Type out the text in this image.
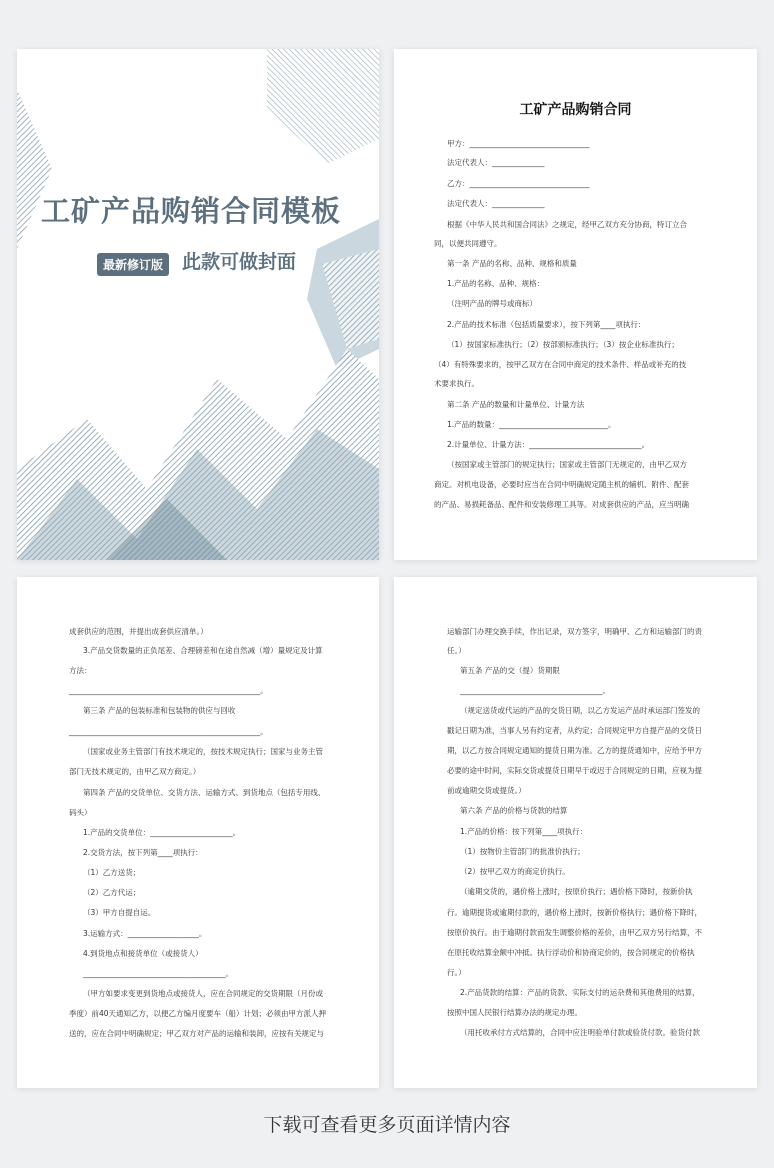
工矿产品购销合同模板
最新修订版 此款可做封面
工矿产品购销合同
甲方：________________________________
法定代表人：______________
乙方：________________________________
法定代表人：______________
根据《中华人民共和国合同法》之规定，经甲乙双方充分协商，特订立合
同，以便共同遵守。
第一条 产品的名称、品种、规格和质量
1.产品的名称、品种、规格：
（注明产品的牌号或商标）
2.产品的技术标准（包括质量要求），按下列第____项执行：
（1）按国家标准执行；（2）按部颁标准执行；（3）按企业标准执行；
（4）有特殊要求的，按甲乙双方在合同中商定的技术条件、样品或补充的技
术要求执行。
第二条 产品的数量和计量单位、计量方法
1.产品的数量：_____________________________。
2.计量单位、计量方法：______________________________。
（按国家或主管部门的规定执行；国家或主管部门无规定的，由甲乙双方
商定。对机电设备，必要时应当在合同中明确规定随主机的辅机、附件、配套
的产品、易损耗备品、配件和安装修理工具等。对成套供应的产品，应当明确
成套供应的范围，并提出成套供应清单。）
3.产品交货数量的正负尾差、合理磅差和在途自然减（增）量规定及计算
方法：
___________________________________________________。
第三条 产品的包装标准和包装物的供应与回收
___________________________________________________。
（国家或业务主管部门有技术规定的，按技术规定执行；国家与业务主管
部门无技术规定的，由甲乙双方商定。）
第四条 产品的交货单位、交货方法、运输方式、到货地点（包括专用线、
码头）
1.产品的交货单位：______________________。
2.交货方法，按下列第____项执行：
（1）乙方送货；
（2）乙方代运；
（3）甲方自提自运。
3.运输方式：___________________。
4.到货地点和接货单位（或接货人）
______________________________________。
（甲方如要求变更到货地点或接货人，应在合同规定的交货期限（月份或
季度）前40天通知乙方，以便乙方编月度要车（船）计划；必须由甲方派人押
送的，应在合同中明确规定；甲乙双方对产品的运输和装卸，应按有关规定与
运输部门办理交换手续，作出记录，双方签字，明确甲、乙方和运输部门的责
任。）
第五条 产品的交（提）货期限
______________________________________。
（规定送货或代运的产品的交货日期，以乙方发运产品时承运部门签发的
戳记日期为准，当事人另有约定者，从约定；合同规定甲方自提产品的交货日
期，以乙方按合同规定通知的提货日期为准。乙方的提货通知中，应给予甲方
必要的途中时间，实际交货或提货日期早于或迟于合同规定的日期，应视为提
前或逾期交货或提货。）
第六条 产品的价格与货款的结算
1.产品的价格：按下列第____项执行：
（1）按物价主管部门的批准价执行；
（2）按甲乙双方的商定价执行。
（逾期交货的，遇价格上涨时，按原价执行；遇价格下降时，按新价执
行。逾期提货或逾期付款的，遇价格上涨时，按新价格执行；遇价格下降时，
按原价执行。由于逾期付款而发生调整价格的差价，由甲乙双方另行结算，不
在原托收结算金额中冲抵。执行浮动价和协商定价的，按合同规定的价格执
行。）
2.产品货款的结算：产品的货款、实际支付的运杂费和其他费用的结算，
按照中国人民银行结算办法的规定办理。
（用托收承付方式结算的，合同中应注明验单付款或验货付款。验货付款
下载可查看更多页面详情内容
